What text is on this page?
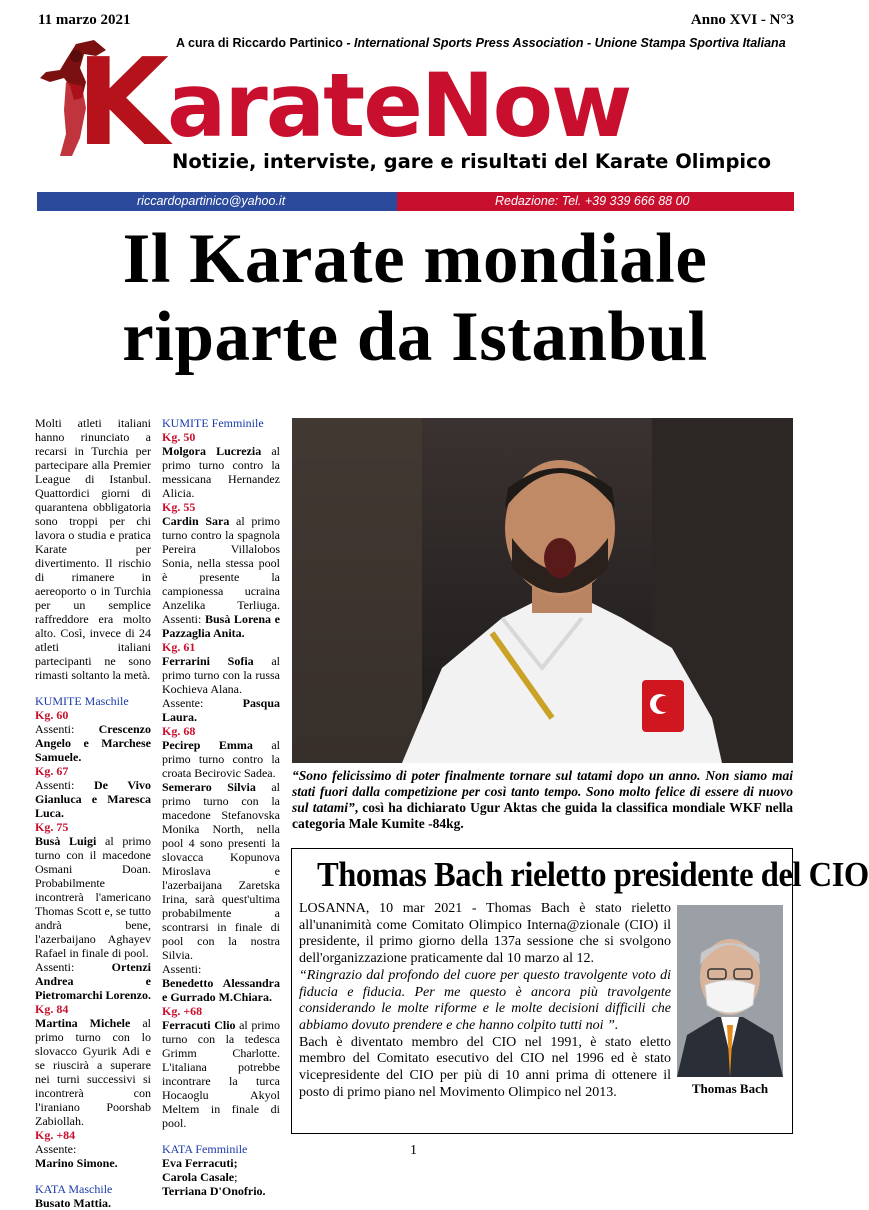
11 marzo 2021	Anno XVI - N°3
A cura di Riccardo Partinico - International Sports Press Association - Unione Stampa Sportiva Italiana
KarateNow
Notizie, interviste, gare e risultati del Karate Olimpico
riccardopartinico@yahoo.it	Redazione: Tel. +39 339 666 88 00
Il Karate mondiale
riparte da Istanbul
Molti atleti italiani hanno rinunciato a recarsi in Turchia per partecipare alla Premier League di Istanbul. Quattordici giorni di quarantena obbligatoria sono troppi per chi lavora o studia e pratica Karate per divertimento. Il rischio di rimanere in aereoporto o in Turchia per un semplice raffreddore era molto alto. Così, invece di 24 atleti italiani partecipanti ne sono rimasti soltanto la metà.
KUMITE Maschile
Kg. 60
Assenti: Crescenzo Angelo e Marchese Samuele.
Kg. 67
Assenti: De Vivo Gianluca e Maresca Luca.
Kg. 75
Busà Luigi al primo turno con il macedone Osmani Doan. Probabilmente incontrerà l'americano Thomas Scott e, se tutto andrà bene, l'azerbaijano Aghayev Rafael in finale di pool.
Assenti: Ortenzi Andrea e Pietromarchi Lorenzo.
Kg. 84
Martina Michele al primo turno con lo slovacco Gyurik Adi e se riuscirà a superare nei turni successivi si incontrerà con l'iraniano Poorshab Zabiollah.
Kg. +84
Assente:
Marino Simone.
KATA Maschile
Busato Mattia.
KUMITE Femminile
Kg. 50
Molgora Lucrezia al primo turno contro la messicana Hernandez Alicia.
Kg. 55
Cardin Sara al primo turno contro la spagnola Pereira Villalobos Sonia, nella stessa pool è presente la campionessa ucraina Anzelika Terliuga. Assenti: Busà Lorena e Pazzaglia Anita.
Kg. 61
Ferrarini Sofia al primo turno con la russa Kochieva Alana.
Assente: Pasqua Laura.
Kg. 68
Pecirep Emma al primo turno contro la croata Becirovic Sadea.
Semeraro Silvia al primo turno con la macedone Stefanovska Monika North, nella pool 4 sono presenti la slovacca Kopunova Miroslava e l'azerbaijana Zaretska Irina, sarà quest'ultima probabilmente a scontrarsi in finale di pool con la nostra Silvia.
Assenti:
Benedetto Alessandra e Gurrado M.Chiara.
Kg. +68
Ferracuti Clio al primo turno con la tedesca Grimm Charlotte. L'italiana potrebbe incontrare la turca Hocaoglu Akyol Meltem in finale di pool.
KATA Femminile
Eva Ferracuti;
Carola Casale;
Terriana D'Onofrio.
“Sono felicissimo di poter finalmente tornare sul tatami dopo un anno. Non siamo mai stati fuori dalla competizione per così tanto tempo. Sono molto felice di essere di nuovo sul tatami”, così ha dichiarato Ugur Aktas che guida la classifica mondiale WKF nella categoria Male Kumite -84kg.
Thomas Bach rieletto presidente del CIO
LOSANNA, 10 mar 2021 - Thomas Bach è stato rieletto all'unanimità come Comitato Olimpico Interna@zionale (CIO) il presidente, il primo giorno della 137a sessione che si svolgono dell'organizzazione praticamente dal 10 marzo al 12.
“Ringrazio dal profondo del cuore per questo travolgente voto di fiducia e fiducia. Per me questo è ancora più travolgente considerando le molte riforme e le molte decisioni difficili che abbiamo dovuto prendere e che hanno colpito tutti noi ”.
Bach è diventato membro del CIO nel 1991, è stato eletto membro del Comitato esecutivo del CIO nel 1996 ed è stato vicepresidente del CIO per più di 10 anni prima di ottenere il posto di primo piano nel Movimento Olimpico nel 2013.	Thomas Bach
1
